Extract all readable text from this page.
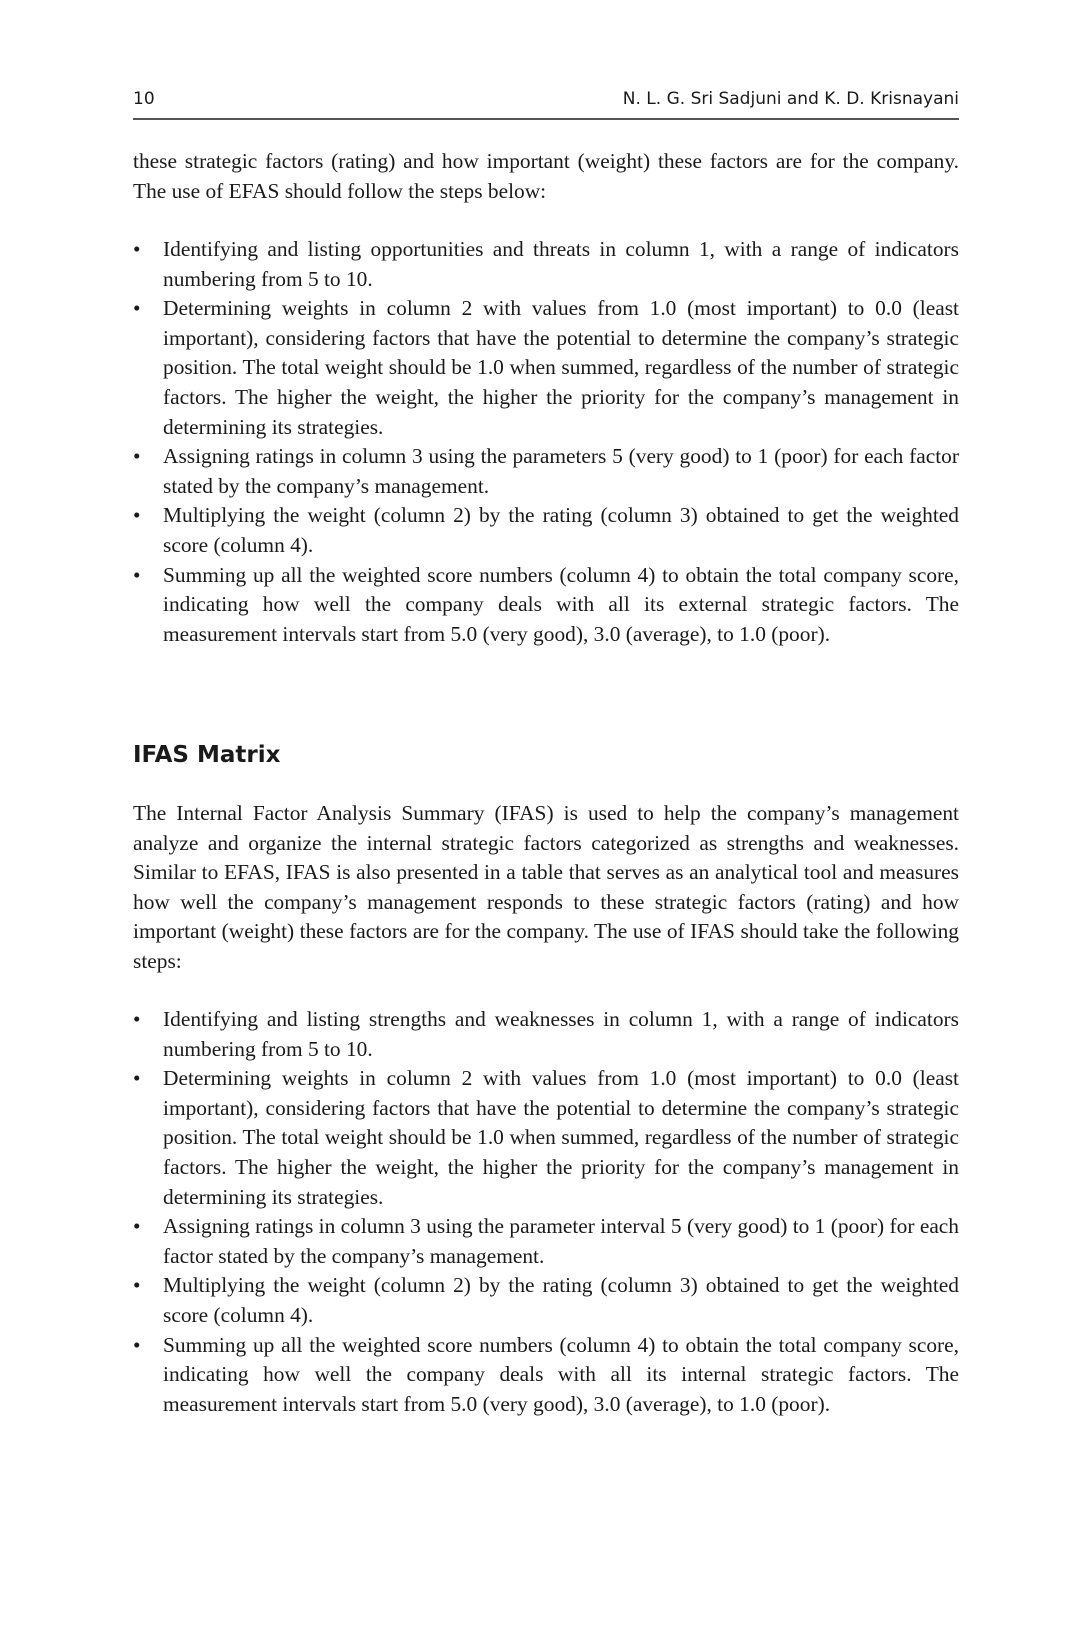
10	N. L. G. Sri Sadjuni and K. D. Krisnayani

these strategic factors (rating) and how important (weight) these factors are for the company. The use of EFAS should follow the steps below:

• Identifying and listing opportunities and threats in column 1, with a range of indicators numbering from 5 to 10.
• Determining weights in column 2 with values from 1.0 (most important) to 0.0 (least important), considering factors that have the potential to determine the company’s strategic position. The total weight should be 1.0 when summed, regardless of the number of strategic factors. The higher the weight, the higher the priority for the company’s management in determining its strategies.
• Assigning ratings in column 3 using the parameters 5 (very good) to 1 (poor) for each factor stated by the company’s management.
• Multiplying the weight (column 2) by the rating (column 3) obtained to get the weighted score (column 4).
• Summing up all the weighted score numbers (column 4) to obtain the total company score, indicating how well the company deals with all its external strategic factors. The measurement intervals start from 5.0 (very good), 3.0 (average), to 1.0 (poor).
IFAS Matrix

The Internal Factor Analysis Summary (IFAS) is used to help the company’s management analyze and organize the internal strategic factors categorized as strengths and weaknesses. Similar to EFAS, IFAS is also presented in a table that serves as an analytical tool and measures how well the company’s management responds to these strategic factors (rating) and how important (weight) these factors are for the company. The use of IFAS should take the following steps:

• Identifying and listing strengths and weaknesses in column 1, with a range of indicators numbering from 5 to 10.
• Determining weights in column 2 with values from 1.0 (most important) to 0.0 (least important), considering factors that have the potential to determine the company’s strategic position. The total weight should be 1.0 when summed, regardless of the number of strategic factors. The higher the weight, the higher the priority for the company’s management in determining its strategies.
• Assigning ratings in column 3 using the parameter interval 5 (very good) to 1 (poor) for each factor stated by the company’s management.
• Multiplying the weight (column 2) by the rating (column 3) obtained to get the weighted score (column 4).
• Summing up all the weighted score numbers (column 4) to obtain the total company score, indicating how well the company deals with all its internal strategic factors. The measurement intervals start from 5.0 (very good), 3.0 (average), to 1.0 (poor).
